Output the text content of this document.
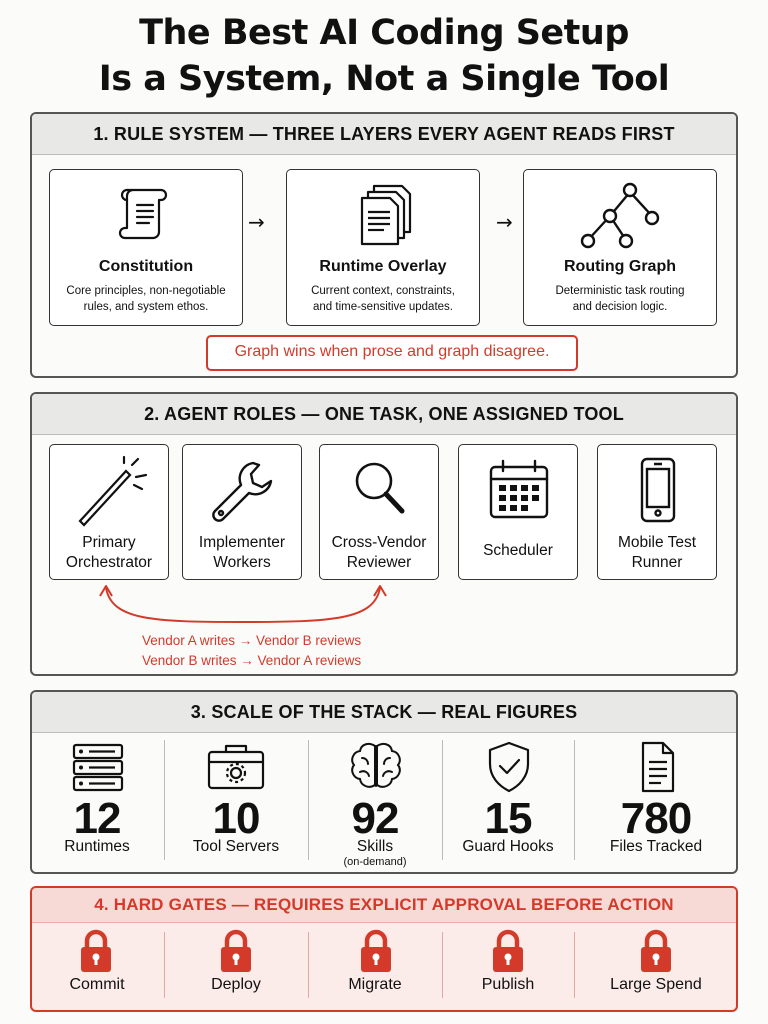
The Best AI Coding Setup
Is a System, Not a Single Tool
1. RULE SYSTEM — THREE LAYERS EVERY AGENT READS FIRST
Constitution
Core principles, non-negotiable
rules, and system ethos.
→
Runtime Overlay
Current context, constraints,
and time-sensitive updates.
→
Routing Graph
Deterministic task routing
and decision logic.
Graph wins when prose and graph disagree.
2. AGENT ROLES — ONE TASK, ONE ASSIGNED TOOL
Primary
Orchestrator
Implementer
Workers
Cross-Vendor
Reviewer
Scheduler	Mobile Test
Runner
Vendor A writes → Vendor B reviews
Vendor B writes → Vendor A reviews
3. SCALE OF THE STACK — REAL FIGURES
12
Runtimes
10
Tool Servers
92
Skills
(on-demand)
15
Guard Hooks
780
Files Tracked
4. HARD GATES — REQUIRES EXPLICIT APPROVAL BEFORE ACTION
Commit	Deploy	Migrate	Publish	Large Spend
